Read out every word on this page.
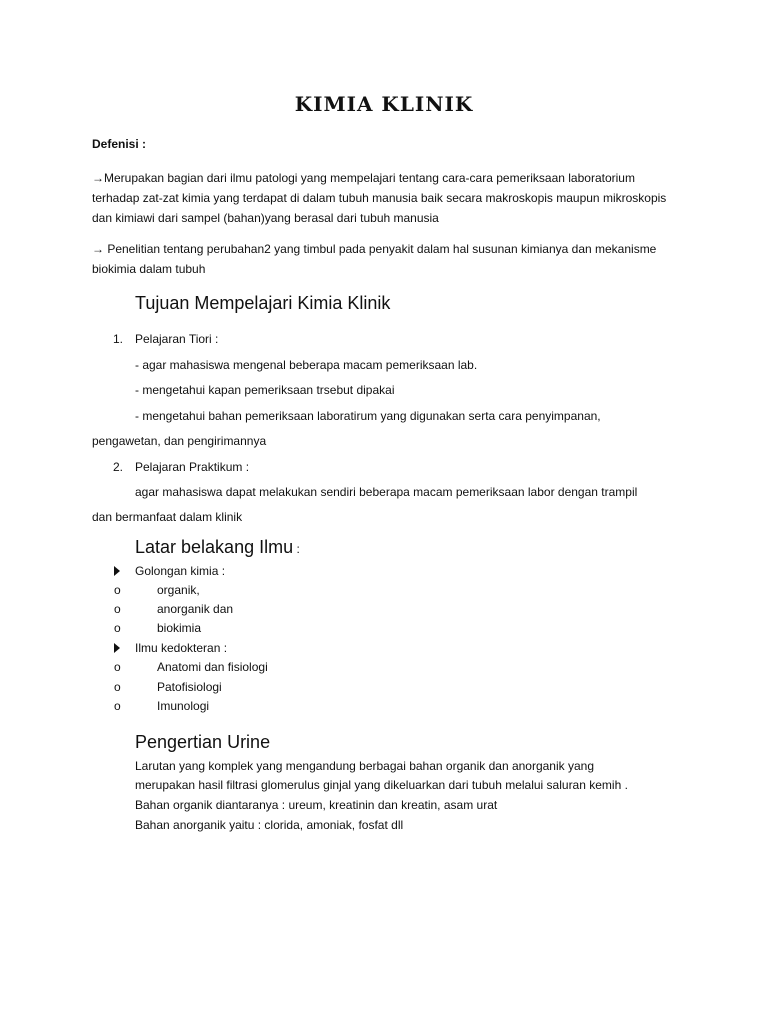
KIMIA KLINIK
Defenisi :
→Merupakan bagian dari ilmu patologi yang mempelajari tentang cara-cara pemeriksaan laboratorium terhadap zat-zat kimia yang terdapat di dalam tubuh manusia baik secara makroskopis maupun mikroskopis dan kimiawi dari sampel (bahan)yang berasal dari tubuh manusia
→ Penelitian tentang perubahan2 yang timbul pada penyakit dalam hal susunan kimianya dan mekanisme biokimia dalam tubuh
Tujuan Mempelajari Kimia Klinik
1. Pelajaran Tiori :
- agar mahasiswa mengenal beberapa macam pemeriksaan lab.
- mengetahui kapan pemeriksaan trsebut dipakai
- mengetahui bahan pemeriksaan laboratirum yang digunakan serta cara penyimpanan,
pengawetan, dan pengirimannya
2. Pelajaran Praktikum :
agar mahasiswa dapat melakukan sendiri beberapa macam pemeriksaan labor dengan trampil
dan bermanfaat dalam klinik
Latar belakang Ilmu :
Golongan kimia :
o	organik,
o	anorganik dan
o	biokimia
Ilmu kedokteran :
o	Anatomi dan fisiologi
o	Patofisiologi
o	Imunologi
Pengertian Urine
Larutan yang komplek yang mengandung berbagai bahan organik dan anorganik yang
merupakan hasil filtrasi glomerulus ginjal yang dikeluarkan dari tubuh melalui saluran kemih .
Bahan organik diantaranya : ureum, kreatinin dan kreatin, asam urat
Bahan anorganik yaitu : clorida, amoniak, fosfat dll
